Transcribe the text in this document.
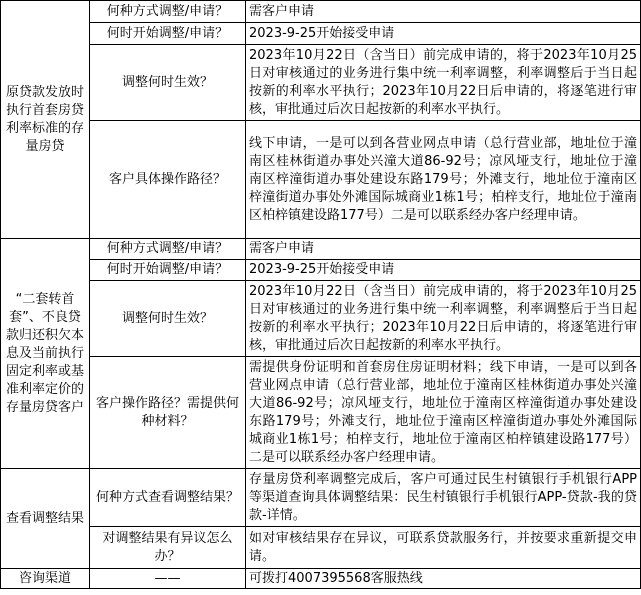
原贷款发放时执行首套房贷利率标准的存量房贷	何种方式调整/申请？	需客户申请
	何时开始调整/申请？	2023-9-25开始接受申请
	调整何时生效？	2023年10月22日（含当日）前完成申请的，将于2023年10月25日对审核通过的业务进行集中统一利率调整，利率调整后于当日起按新的利率水平执行；2023年10月22日后申请的，将逐笔进行审核，审批通过后次日起按新的利率水平执行。
	客户具体操作路径？	线下申请，一是可以到各营业网点申请（总行营业部，地址位于潼南区桂林街道办事处兴潼大道86-92号；凉风垭支行，地址位于潼南区梓潼街道办事处建设东路179号；外滩支行，地址位于潼南区梓潼街道办事处外滩国际城商业1栋1号；柏梓支行，地址位于潼南区柏梓镇建设路177号）二是可以联系经办客户经理申请。
“二套转首套”、不良贷款归还积欠本息及当前执行固定利率或基准利率定价的存量房贷客户	何种方式调整/申请？	需客户申请
	何时开始调整/申请？	2023-9-25开始接受申请
	调整何时生效？	2023年10月22日（含当日）前完成申请的，将于2023年10月25日对审核通过的业务进行集中统一利率调整，利率调整后于当日起按新的利率水平执行；2023年10月22日后申请的，将逐笔进行审核，审批通过后次日起按新的利率水平执行。
	客户操作路径？需提供何种材料？	需提供身份证明和首套房住房证明材料；线下申请，一是可以到各营业网点申请（总行营业部，地址位于潼南区桂林街道办事处兴潼大道86-92号；凉风垭支行，地址位于潼南区梓潼街道办事处建设东路179号；外滩支行，地址位于潼南区梓潼街道办事处外滩国际城商业1栋1号；柏梓支行，地址位于潼南区柏梓镇建设路177号）二是可以联系经办客户经理申请。
查看调整结果	何种方式查看调整结果？	存量房贷利率调整完成后，客户可通过民生村镇银行手机银行APP等渠道查询具体调整结果：民生村镇银行手机银行APP-贷款-我的贷款-详情。
	对调整结果有异议怎么办？	如对审核结果存在异议，可联系贷款服务行，并按要求重新提交申请。
咨询渠道	——	可拨打4007395568客服热线
